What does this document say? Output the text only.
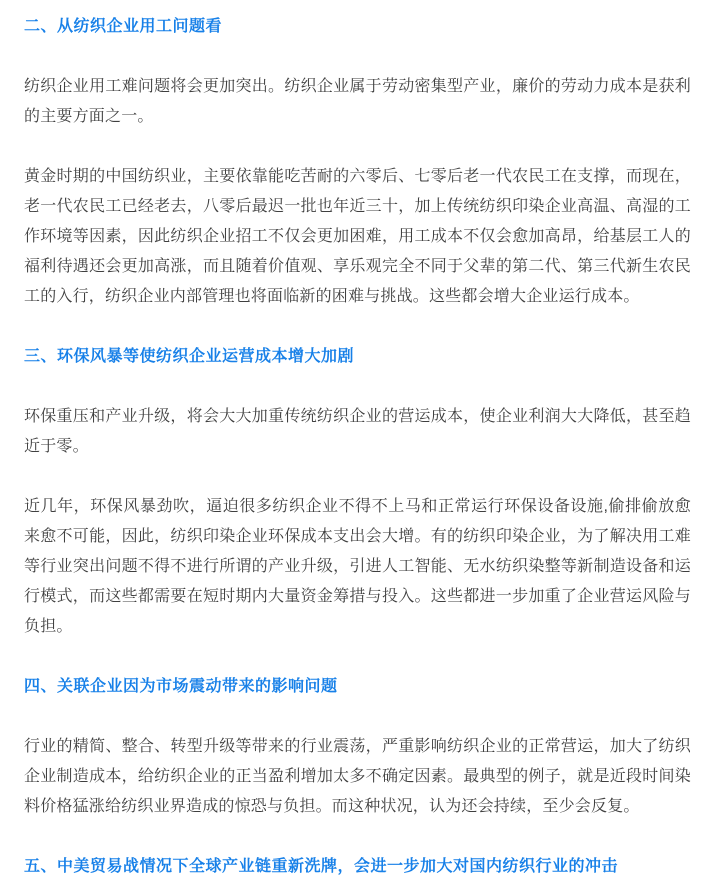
二、从纺织企业用工问题看

纺织企业用工难问题将会更加突出。纺织企业属于劳动密集型产业，廉价的劳动力成本是获利的主要方面之一。

黄金时期的中国纺织业，主要依靠能吃苦耐的六零后、七零后老一代农民工在支撑，而现在，老一代农民工已经老去，八零后最迟一批也年近三十，加上传统纺织印染企业高温、高湿的工作环境等因素，因此纺织企业招工不仅会更加困难，用工成本不仅会愈加高昂，给基层工人的福利待遇还会更加高涨，而且随着价值观、享乐观完全不同于父辈的第二代、第三代新生农民工的入行，纺织企业内部管理也将面临新的困难与挑战。这些都会增大企业运行成本。

三、环保风暴等使纺织企业运营成本增大加剧

环保重压和产业升级，将会大大加重传统纺织企业的营运成本，使企业利润大大降低，甚至趋近于零。

近几年，环保风暴劲吹，逼迫很多纺织企业不得不上马和正常运行环保设备设施,偷排偷放愈来愈不可能，因此，纺织印染企业环保成本支出会大增。有的纺织印染企业，为了解决用工难等行业突出问题不得不进行所谓的产业升级，引进人工智能、无水纺织染整等新制造设备和运行模式，而这些都需要在短时期内大量资金筹措与投入。这些都进一步加重了企业营运风险与负担。

四、关联企业因为市场震动带来的影响问题

行业的精简、整合、转型升级等带来的行业震荡，严重影响纺织企业的正常营运，加大了纺织企业制造成本，给纺织企业的正当盈利增加太多不确定因素。最典型的例子，就是近段时间染料价格猛涨给纺织业界造成的惊恐与负担。而这种状况，认为还会持续，至少会反复。

五、中美贸易战情况下全球产业链重新洗牌，会进一步加大对国内纺织行业的冲击
